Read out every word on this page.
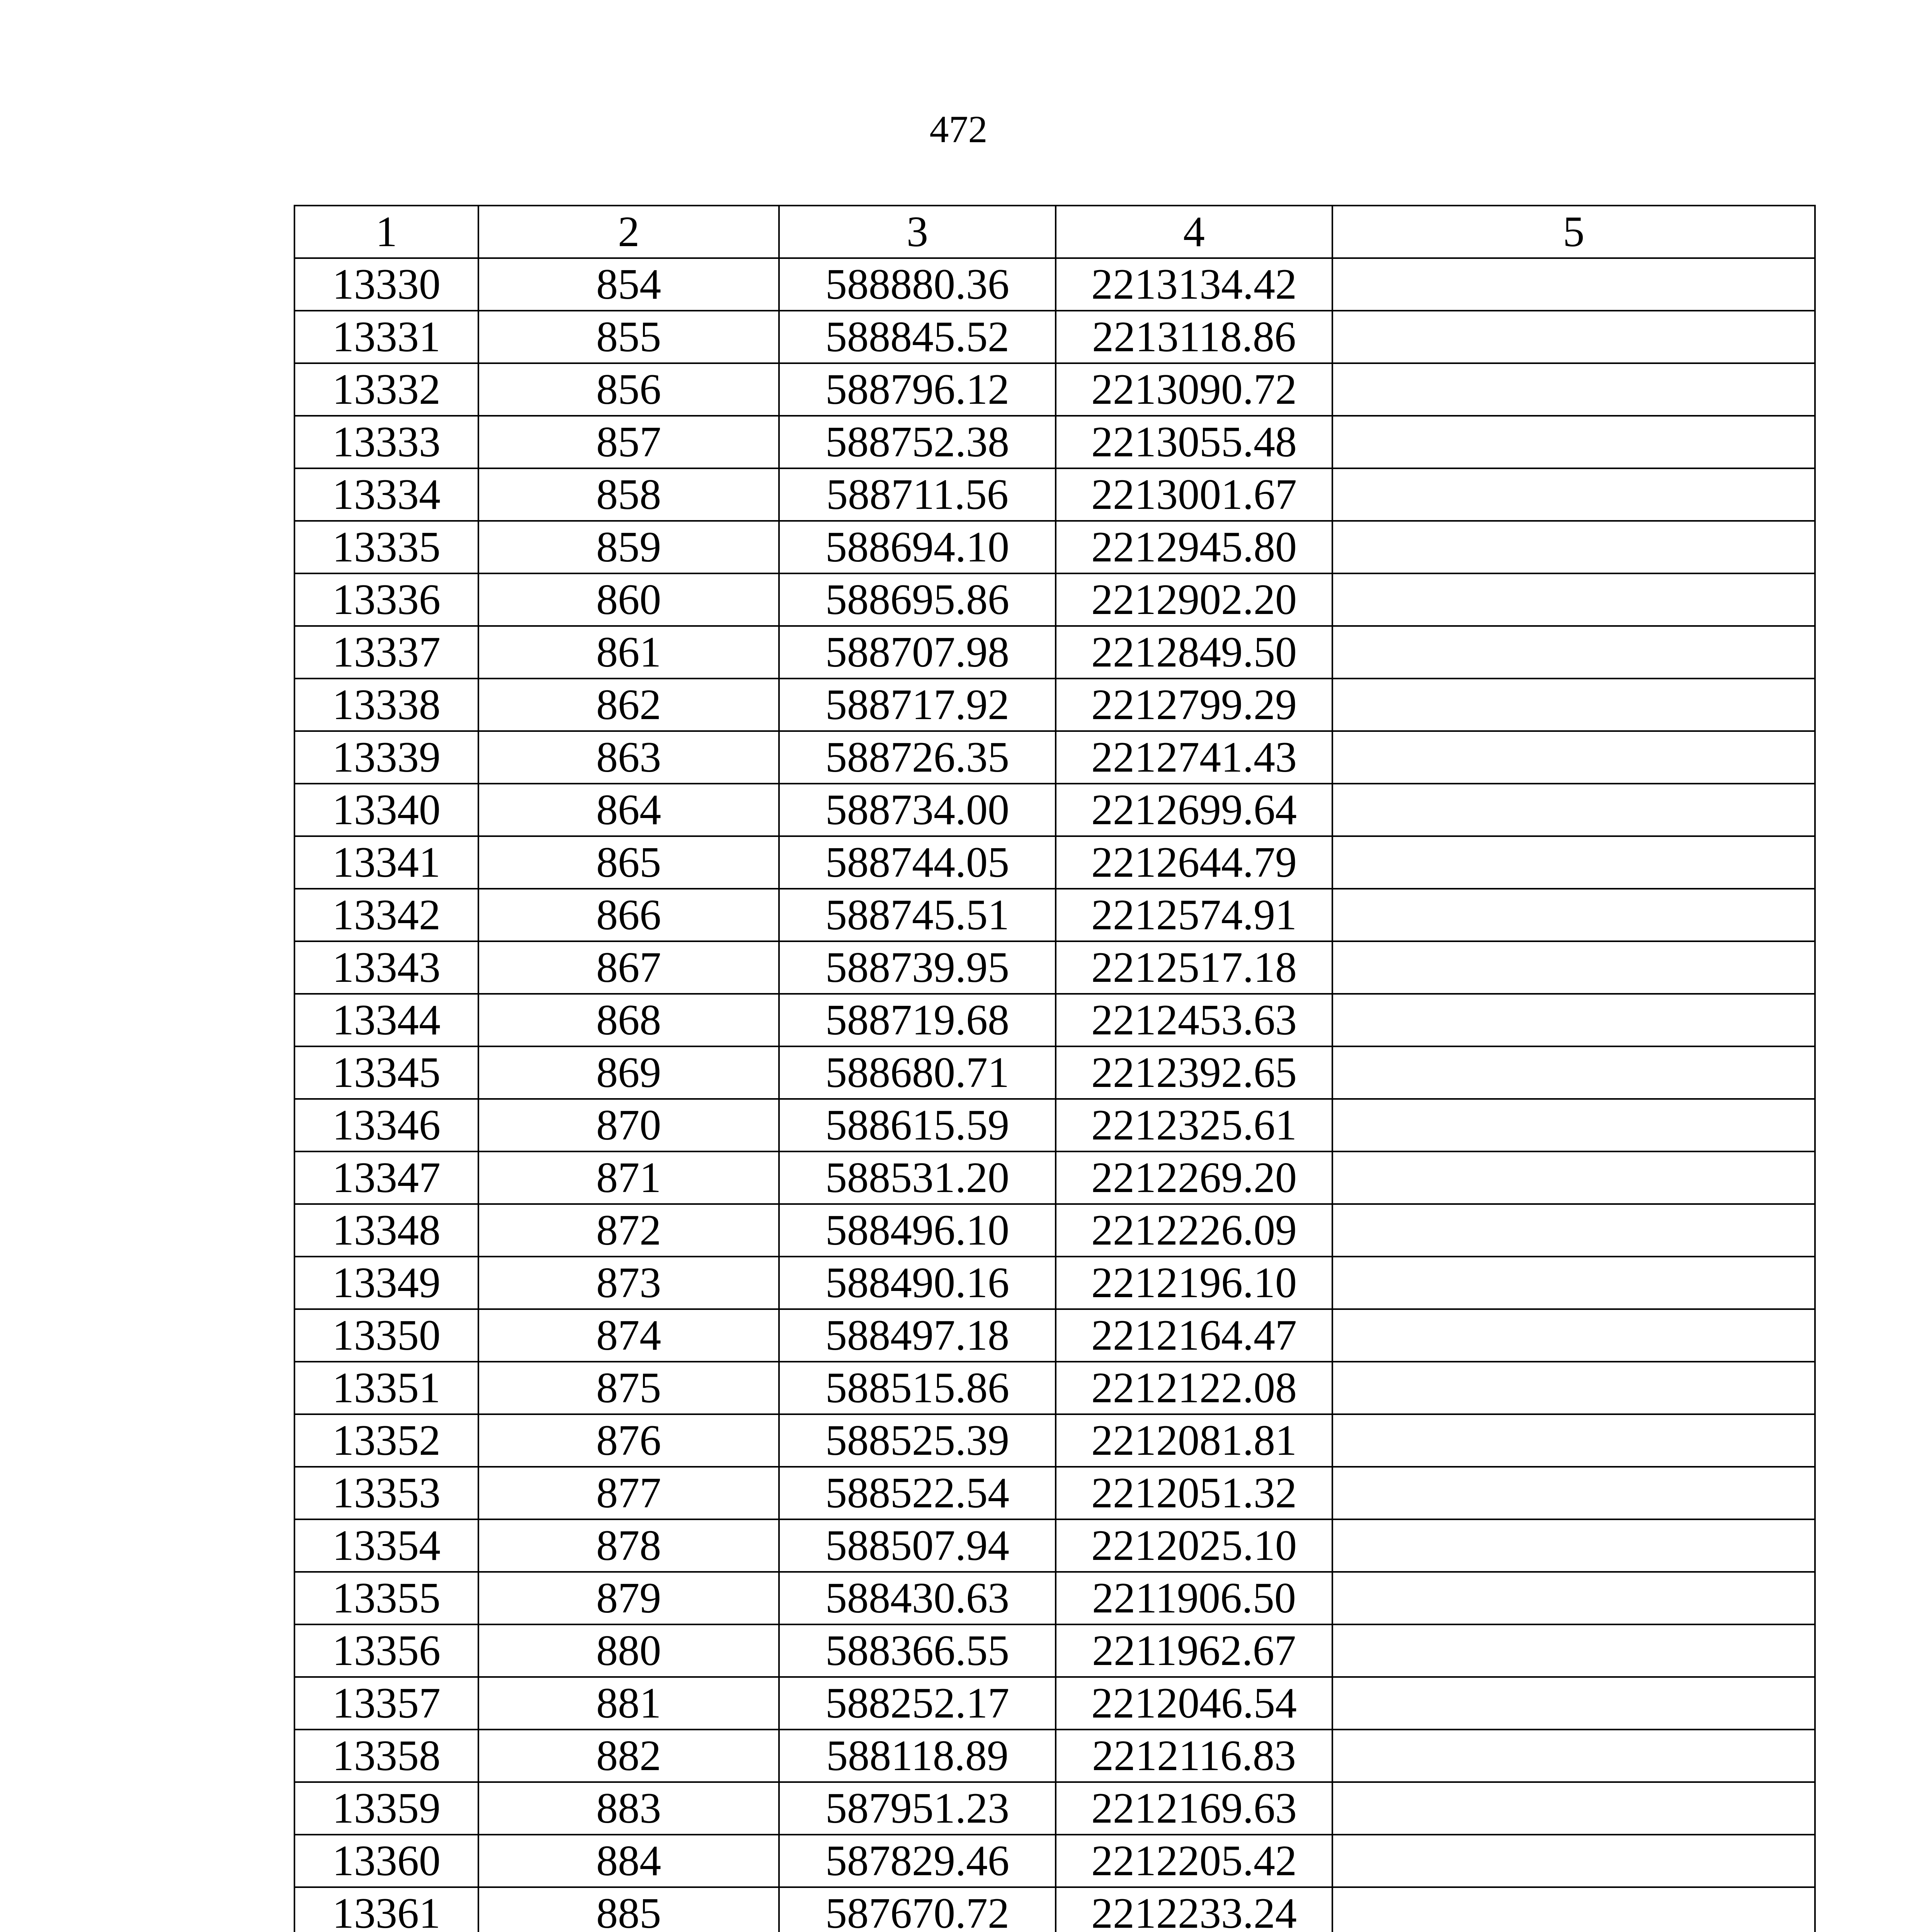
472
1	2	3	4	5
13330	854	588880.36	2213134.42	
13331	855	588845.52	2213118.86	
13332	856	588796.12	2213090.72	
13333	857	588752.38	2213055.48	
13334	858	588711.56	2213001.67	
13335	859	588694.10	2212945.80	
13336	860	588695.86	2212902.20	
13337	861	588707.98	2212849.50	
13338	862	588717.92	2212799.29	
13339	863	588726.35	2212741.43	
13340	864	588734.00	2212699.64	
13341	865	588744.05	2212644.79	
13342	866	588745.51	2212574.91	
13343	867	588739.95	2212517.18	
13344	868	588719.68	2212453.63	
13345	869	588680.71	2212392.65	
13346	870	588615.59	2212325.61	
13347	871	588531.20	2212269.20	
13348	872	588496.10	2212226.09	
13349	873	588490.16	2212196.10	
13350	874	588497.18	2212164.47	
13351	875	588515.86	2212122.08	
13352	876	588525.39	2212081.81	
13353	877	588522.54	2212051.32	
13354	878	588507.94	2212025.10	
13355	879	588430.63	2211906.50	
13356	880	588366.55	2211962.67	
13357	881	588252.17	2212046.54	
13358	882	588118.89	2212116.83	
13359	883	587951.23	2212169.63	
13360	884	587829.46	2212205.42	
13361	885	587670.72	2212233.24	
